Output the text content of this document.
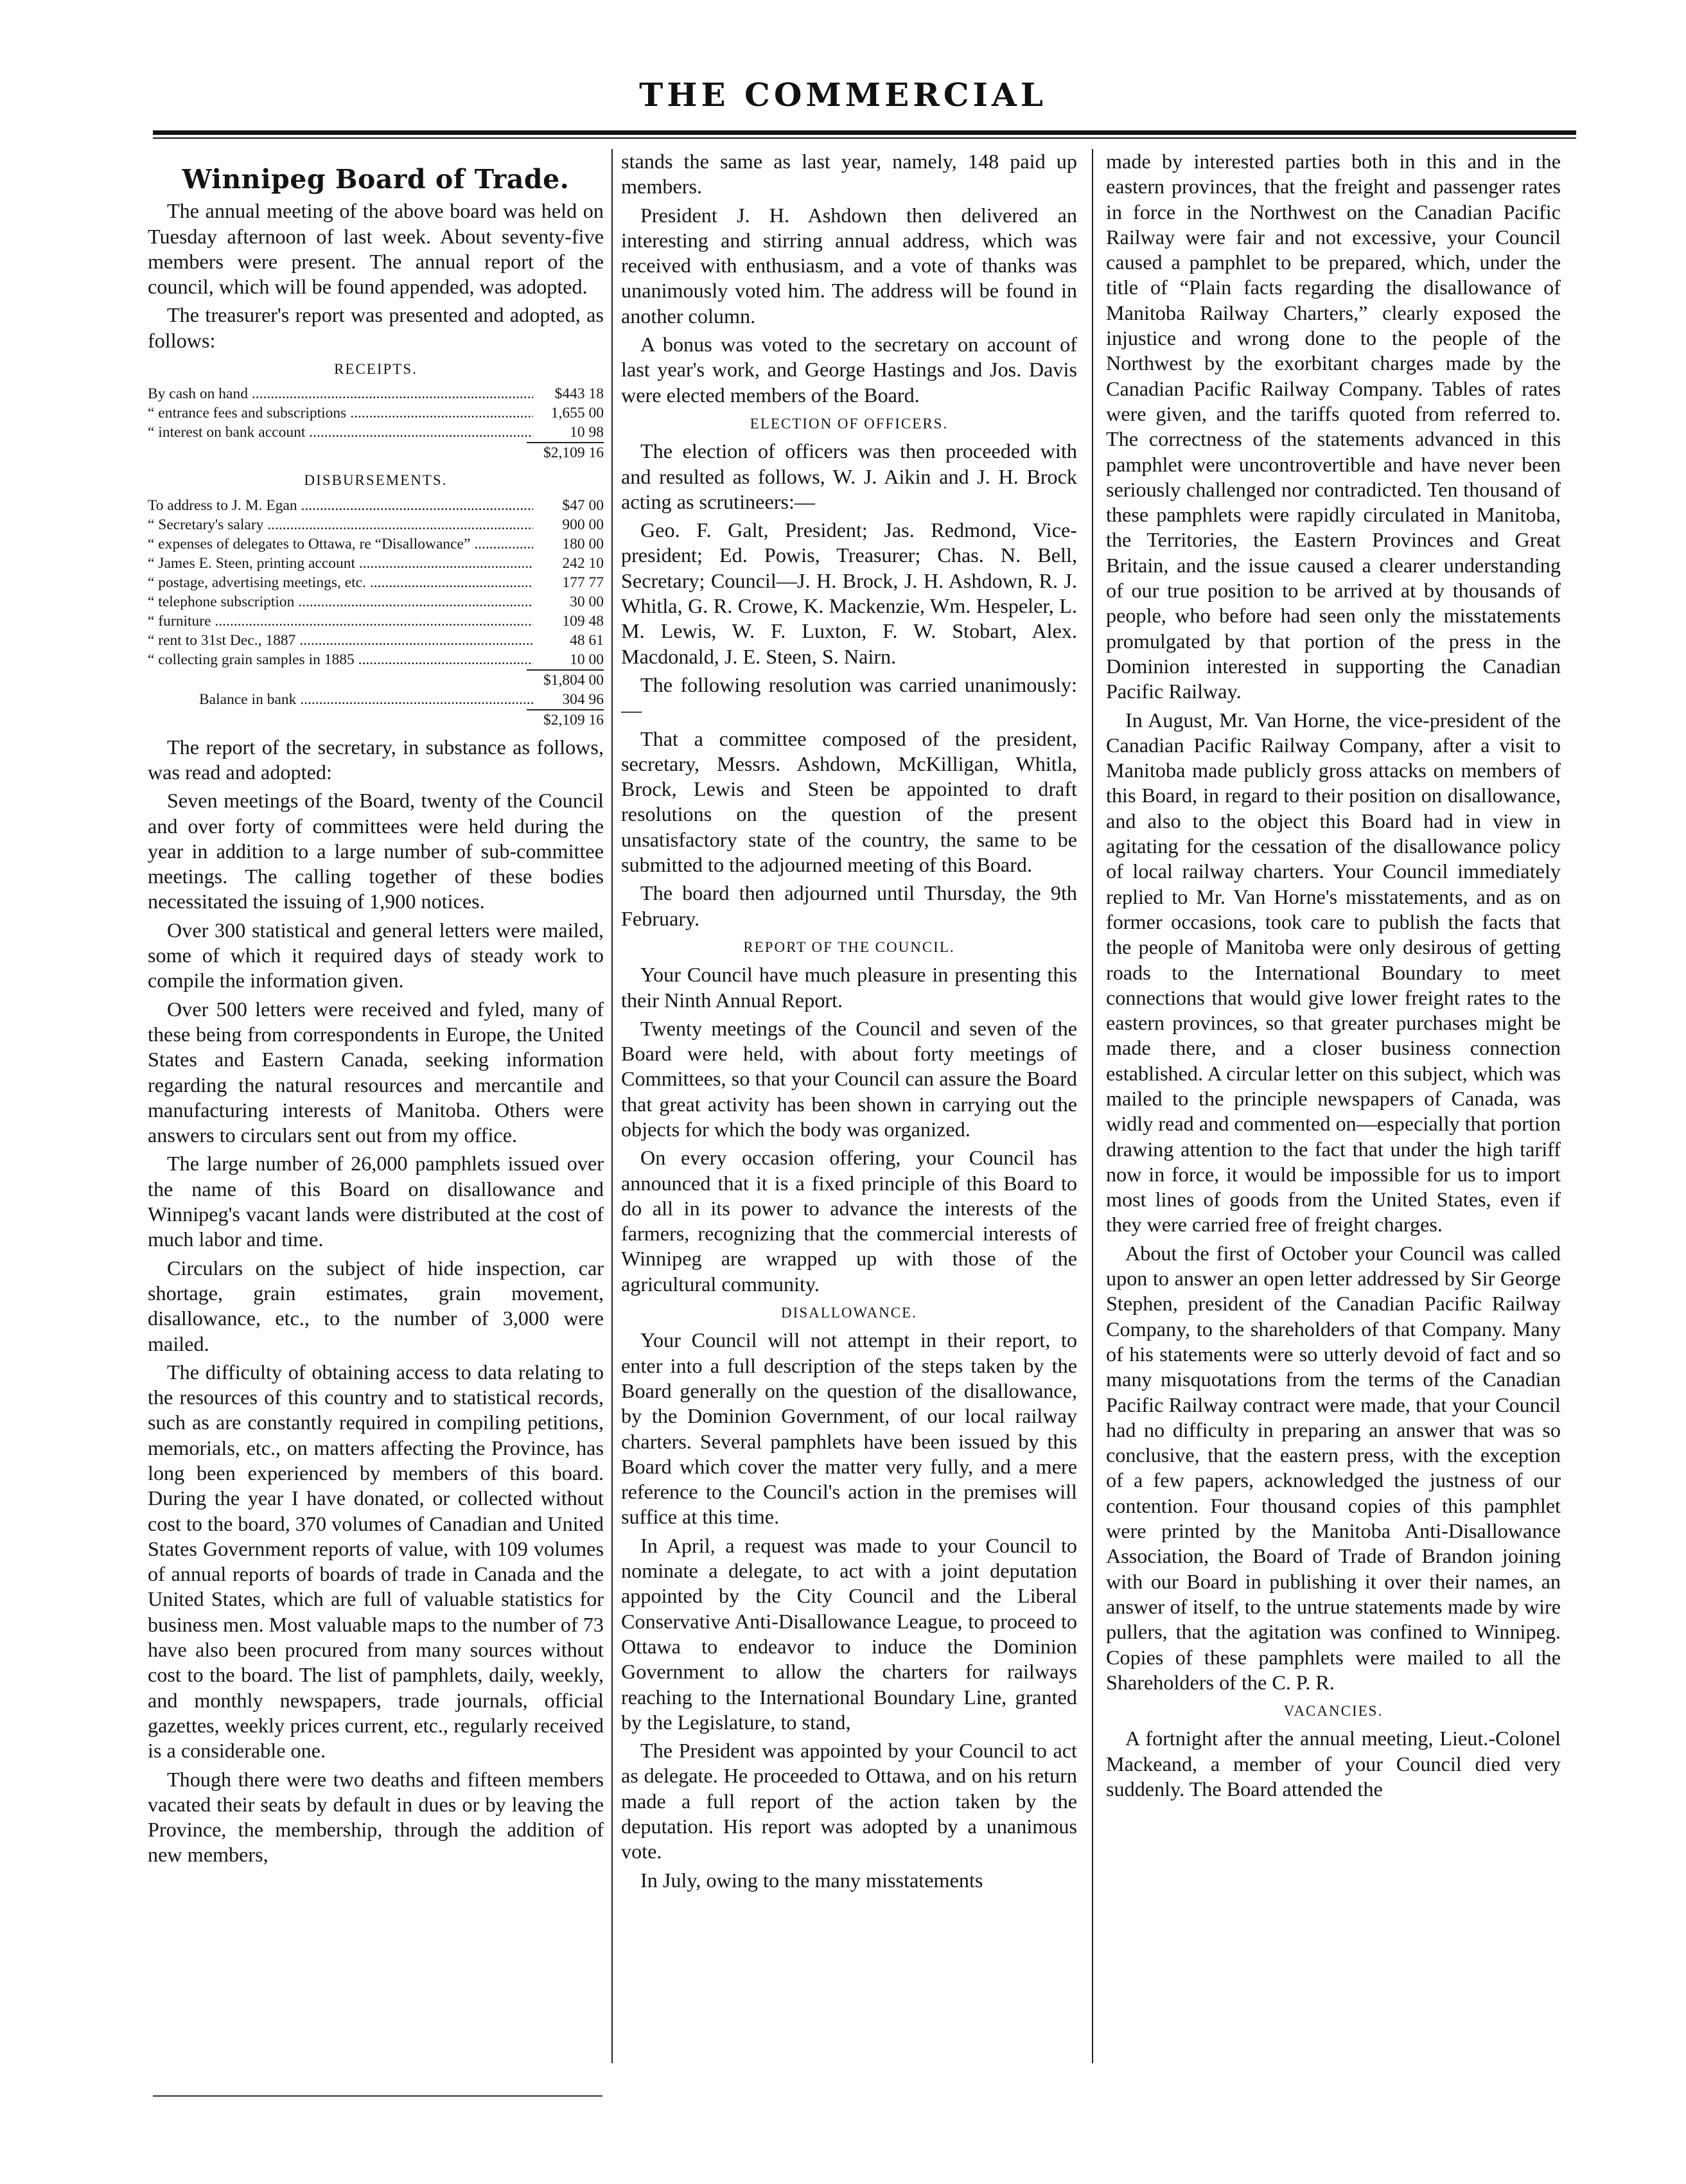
THE COMMERCIAL
Winnipeg Board of Trade.

The annual meeting of the above board was held on Tuesday afternoon of last week. About seventy-five members were present. The annual report of the council, which will be found appended, was adopted.

The treasurer's report was presented and adopted, as follows:

RECEIPTS.
By cash on hand .....	$443 18
“ entrance fees and subscriptions .....	1,655 00
“ interest on bank account .....	10 98
$2,109 16
DISBURSEMENTS.
To address to J. M. Egan .....	$47 00
“ Secretary's salary .....	900 00
“ expenses of delegates to Ottawa, re “Disallowance” .....	180 00
“ James E. Steen, printing account .....	242 10
“ postage, advertising meetings, etc. .....	177 77
“ telephone subscription .....	30 00
“ furniture .....	109 48
“ rent to 31st Dec., 1887 .....	48 61
“ collecting grain samples in 1885 .....	10 00
$1,804 00
Balance in bank .....	304 96
$2,109 16

The report of the secretary, in substance as follows, was read and adopted:

Seven meetings of the Board, twenty of the Council and over forty of committees were held during the year in addition to a large number of sub-committee meetings. The calling together of these bodies necessitated the issuing of 1,900 notices.

Over 300 statistical and general letters were mailed, some of which it required days of steady work to compile the information given.

Over 500 letters were received and fyled, many of these being from correspondents in Europe, the United States and Eastern Canada, seeking information regarding the natural resources and mercantile and manufacturing interests of Manitoba. Others were answers to circulars sent out from my office.

The large number of 26,000 pamphlets issued over the name of this Board on disallowance and Winnipeg's vacant lands were distributed at the cost of much labor and time.

Circulars on the subject of hide inspection, car shortage, grain estimates, grain movement, disallowance, etc., to the number of 3,000 were mailed.

The difficulty of obtaining access to data relating to the resources of this country and to statistical records, such as are constantly required in compiling petitions, memorials, etc., on matters affecting the Province, has long been experienced by members of this board. During the year I have donated, or collected without cost to the board, 370 volumes of Canadian and United States Government reports of value, with 109 volumes of annual reports of boards of trade in Canada and the United States, which are full of valuable statistics for business men. Most valuable maps to the number of 73 have also been procured from many sources without cost to the board. The list of pamphlets, daily, weekly, and monthly newspapers, trade journals, official gazettes, weekly prices current, etc., regularly received is a considerable one.

Though there were two deaths and fifteen members vacated their seats by default in dues or by leaving the Province, the membership, through the addition of new members,

stands the same as last year, namely, 148 paid up members.

President J. H. Ashdown then delivered an interesting and stirring annual address, which was received with enthusiasm, and a vote of thanks was unanimously voted him. The address will be found in another column.

A bonus was voted to the secretary on account of last year's work, and George Hastings and Jos. Davis were elected members of the Board.

ELECTION OF OFFICERS.

The election of officers was then proceeded with and resulted as follows, W. J. Aikin and J. H. Brock acting as scrutineers:—

Geo. F. Galt, President; Jas. Redmond, Vice-president; Ed. Powis, Treasurer; Chas. N. Bell, Secretary; Council—J. H. Brock, J. H. Ashdown, R. J. Whitla, G. R. Crowe, K. Mackenzie, Wm. Hespeler, L. M. Lewis, W. F. Luxton, F. W. Stobart, Alex. Macdonald, J. E. Steen, S. Nairn.

The following resolution was carried unanimously:—

That a committee composed of the president, secretary, Messrs. Ashdown, McKilligan, Whitla, Brock, Lewis and Steen be appointed to draft resolutions on the question of the present unsatisfactory state of the country, the same to be submitted to the adjourned meeting of this Board.

The board then adjourned until Thursday, the 9th February.

REPORT OF THE COUNCIL.

Your Council have much pleasure in presenting this their Ninth Annual Report.

Twenty meetings of the Council and seven of the Board were held, with about forty meetings of Committees, so that your Council can assure the Board that great activity has been shown in carrying out the objects for which the body was organized.

On every occasion offering, your Council has announced that it is a fixed principle of this Board to do all in its power to advance the interests of the farmers, recognizing that the commercial interests of Winnipeg are wrapped up with those of the agricultural community.

DISALLOWANCE.

Your Council will not attempt in their report, to enter into a full description of the steps taken by the Board generally on the question of the disallowance, by the Dominion Government, of our local railway charters. Several pamphlets have been issued by this Board which cover the matter very fully, and a mere reference to the Council's action in the premises will suffice at this time.

In April, a request was made to your Council to nominate a delegate, to act with a joint deputation appointed by the City Council and the Liberal Conservative Anti-Disallowance League, to proceed to Ottawa to endeavor to induce the Dominion Government to allow the charters for railways reaching to the International Boundary Line, granted by the Legislature, to stand,

The President was appointed by your Council to act as delegate. He proceeded to Ottawa, and on his return made a full report of the action taken by the deputation. His report was adopted by a unanimous vote.

In July, owing to the many misstatements

made by interested parties both in this and in the eastern provinces, that the freight and passenger rates in force in the Northwest on the Canadian Pacific Railway were fair and not excessive, your Council caused a pamphlet to be prepared, which, under the title of “Plain facts regarding the disallowance of Manitoba Railway Charters,” clearly exposed the injustice and wrong done to the people of the Northwest by the exorbitant charges made by the Canadian Pacific Railway Company. Tables of rates were given, and the tariffs quoted from referred to. The correctness of the statements advanced in this pamphlet were uncontrovertible and have never been seriously challenged nor contradicted. Ten thousand of these pamphlets were rapidly circulated in Manitoba, the Territories, the Eastern Provinces and Great Britain, and the issue caused a clearer understanding of our true position to be arrived at by thousands of people, who before had seen only the misstatements promulgated by that portion of the press in the Dominion interested in supporting the Canadian Pacific Railway.

In August, Mr. Van Horne, the vice-president of the Canadian Pacific Railway Company, after a visit to Manitoba made publicly gross attacks on members of this Board, in regard to their position on disallowance, and also to the object this Board had in view in agitating for the cessation of the disallowance policy of local railway charters. Your Council immediately replied to Mr. Van Horne's misstatements, and as on former occasions, took care to publish the facts that the people of Manitoba were only desirous of getting roads to the International Boundary to meet connections that would give lower freight rates to the eastern provinces, so that greater purchases might be made there, and a closer business connection established. A circular letter on this subject, which was mailed to the principle newspapers of Canada, was widly read and commented on—especially that portion drawing attention to the fact that under the high tariff now in force, it would be impossible for us to import most lines of goods from the United States, even if they were carried free of freight charges.

About the first of October your Council was called upon to answer an open letter addressed by Sir George Stephen, president of the Canadian Pacific Railway Company, to the shareholders of that Company. Many of his statements were so utterly devoid of fact and so many misquotations from the terms of the Canadian Pacific Railway contract were made, that your Council had no difficulty in preparing an answer that was so conclusive, that the eastern press, with the exception of a few papers, acknowledged the justness of our contention. Four thousand copies of this pamphlet were printed by the Manitoba Anti-Disallowance Association, the Board of Trade of Brandon joining with our Board in publishing it over their names, an answer of itself, to the untrue statements made by wire pullers, that the agitation was confined to Winnipeg. Copies of these pamphlets were mailed to all the Shareholders of the C. P. R.

VACANCIES.

A fortnight after the annual meeting, Lieut.-Colonel Mackeand, a member of your Council died very suddenly. The Board attended the
